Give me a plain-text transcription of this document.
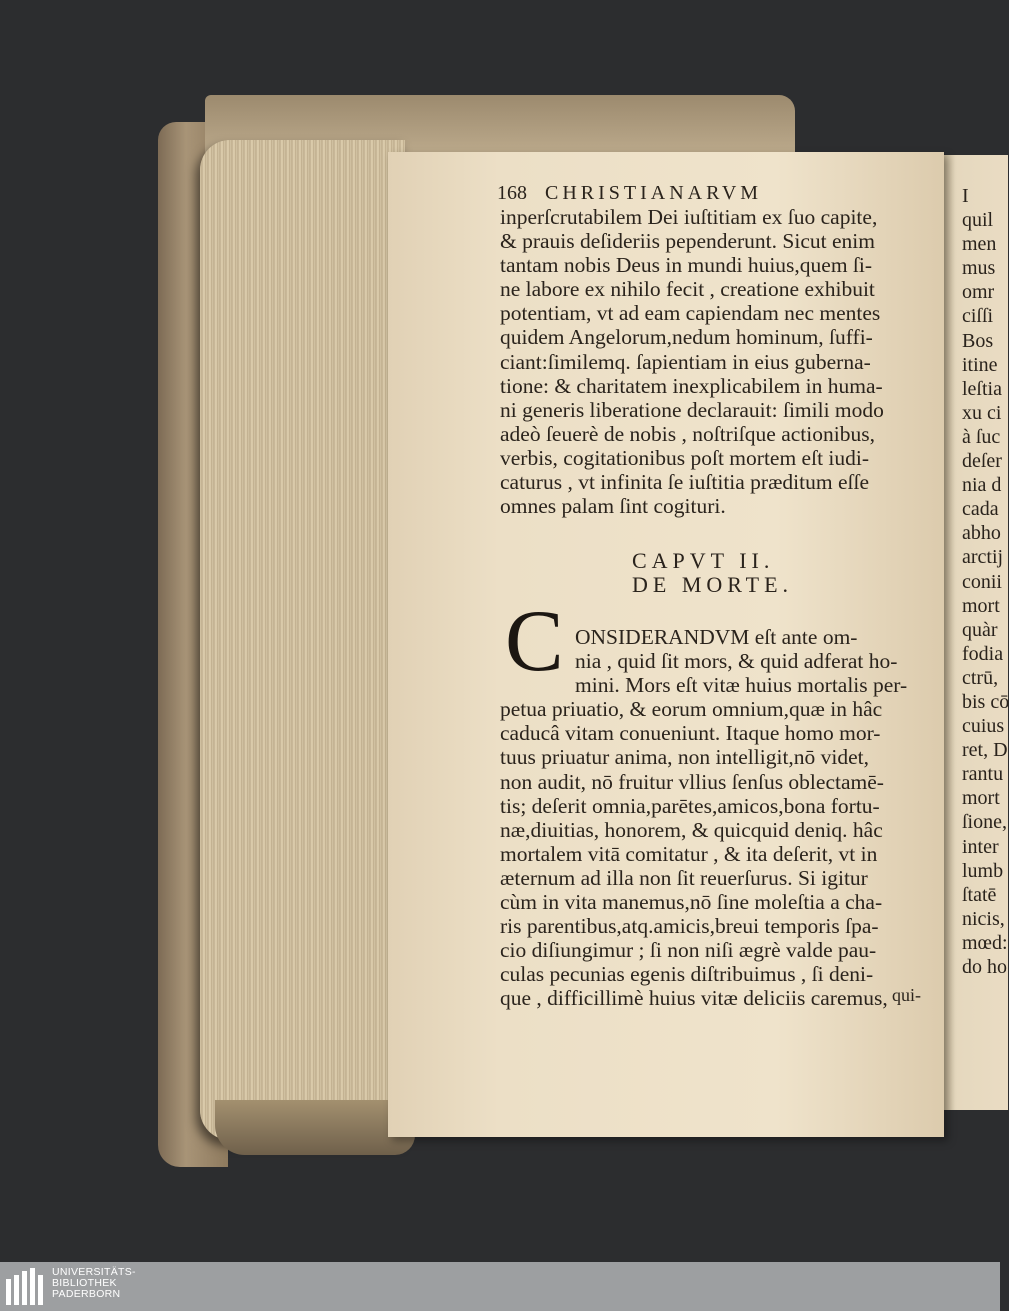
168 CHRISTIANARVM
inperſcrutabilem Dei iuſtitiam ex ſuo capite,
& prauis deſideriis pependerunt. Sicut enim
tantam nobis Deus in mundi huius,quem ſi-
ne labore ex nihilo fecit , creatione exhibuit
potentiam, vt ad eam capiendam nec mentes
quidem Angelorum,nedum hominum, ſuffi-
ciant:ſimilemq. ſapientiam in eius guberna-
tione: & charitatem inexplicabilem in huma-
ni generis liberatione declarauit: ſimili modo
adeò ſeuerè de nobis , noſtriſque actionibus,
verbis, cogitationibus poſt mortem eſt iudi-
caturus , vt infinita ſe iuſtitia præditum eſſe
omnes palam ſint cogituri.
CAPVT II.
DE MORTE.
C ONSIDERANDVM eſt ante om-
nia , quid ſit mors, & quid adferat ho-
mini. Mors eſt vitæ huius mortalis per-
petua priuatio, & eorum omnium,quæ in hâc
caducâ vitam conueniunt. Itaque homo mor-
tuus priuatur anima, non intelligit,nō videt,
non audit, nō fruitur vllius ſenſus oblectamē-
tis; deſerit omnia,parētes,amicos,bona fortu-
næ,diuitias, honorem, & quicquid deniq. hâc
mortalem vitā comitatur , & ita deſerit, vt in
æternum ad illa non ſit reuerſurus. Si igitur
cùm in vita manemus,nō ſine moleſtia a cha-
ris parentibus,atq.amicis,breui temporis ſpa-
cio diſiungimur ; ſi non niſi ægrè valde pau-
culas pecunias egenis diſtribuimus , ſi deni-
que , difficillimè huius vitæ deliciis caremus, qui-
I
quil
men
mus
omr
ciſſi
Bos
itine
leſtia
xu ci
à ſuc
deſer
nia d
cada
abho
arctij
conii
mort
quàr
fodia
ctrū,
bis cō
cuius
ret, D
rantu
mort
ſione,
inter
lumb
ſtatē
nicis,
mœd:
do ho
UNIVERSITÄTS-
BIBLIOTHEK
PADERBORN
